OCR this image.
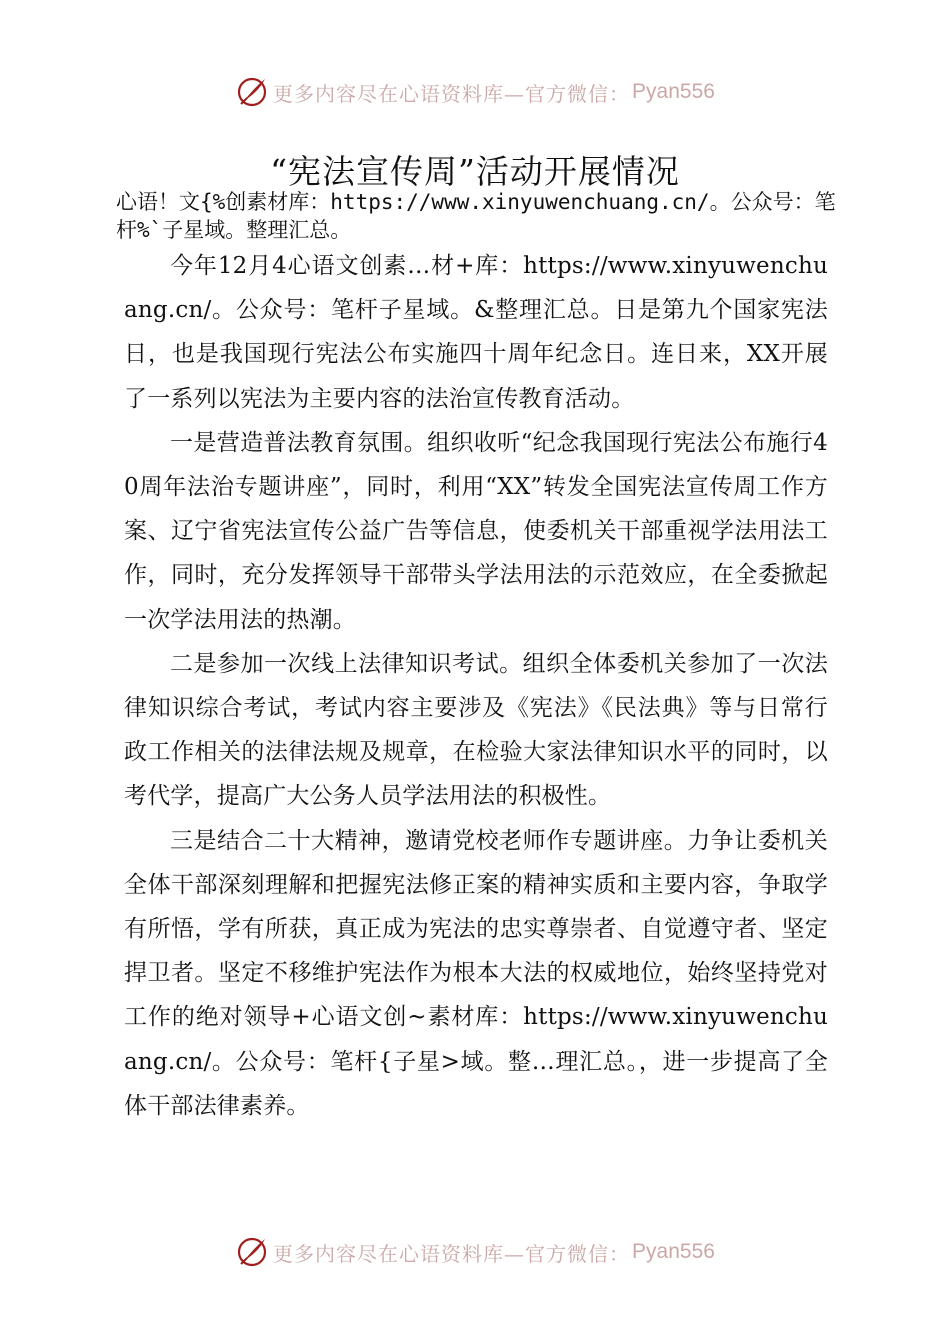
更多内容尽在心语资料库—官方微信： Pyan556
“宪法宣传周”活动开展情况

心语！文{%创素材库：https://www.xinyuwenchuang.cn/。公众号：笔杆%`子星域。整理汇总。

今年12月4心语文创素…材+库：https://www.xinyuwenchuang.cn/。公众号：笔杆子星域。&整理汇总。日是第九个国家宪法日，也是我国现行宪法公布实施四十周年纪念日。连日来，XX开展了一系列以宪法为主要内容的法治宣传教育活动。

一是营造普法教育氛围。组织收听“纪念我国现行宪法公布施行40周年法治专题讲座”，同时，利用“XX”转发全国宪法宣传周工作方案、辽宁省宪法宣传公益广告等信息，使委机关干部重视学法用法工作，同时，充分发挥领导干部带头学法用法的示范效应，在全委掀起一次学法用法的热潮。

二是参加一次线上法律知识考试。组织全体委机关参加了一次法律知识综合考试，考试内容主要涉及《宪法》《民法典》等与日常行政工作相关的法律法规及规章，在检验大家法律知识水平的同时，以考代学，提高广大公务人员学法用法的积极性。

三是结合二十大精神，邀请党校老师作专题讲座。力争让委机关全体干部深刻理解和把握宪法修正案的精神实质和主要内容，争取学有所悟，学有所获，真正成为宪法的忠实尊崇者、自觉遵守者、坚定捍卫者。坚定不移维护宪法作为根本大法的权威地位，始终坚持党对工作的绝对领导+心语文创~素材库：https://www.xinyuwenchuang.cn/。公众号：笔杆{子星>域。整…理汇总。，进一步提高了全体干部法律素养。

更多内容尽在心语资料库—官方微信： Pyan556
